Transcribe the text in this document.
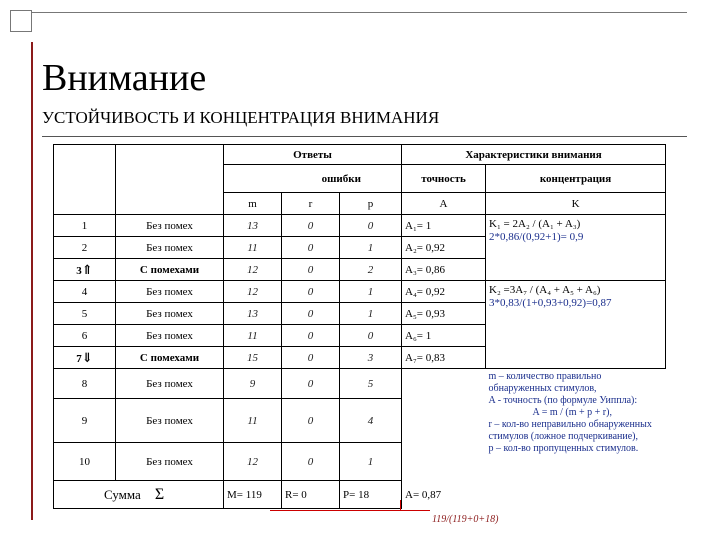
Внимание
УСТОЙЧИВОСТЬ И КОНЦЕНТРАЦИЯ ВНИМАНИЯ
		Ответы			Характеристики внимания	
			ошибки		точность	концентрация
		m	r	p	A	K
1	Без помех	13	0	0	A₁= 1	K₁ = 2A₂ / (A₁ + A₃)
2*0,86/(0,92+1)= 0,9

2	Без помех	11	0	1	A₂= 0,92	
3⇑	С помехами	12	0	2	A₃= 0,86	
4	Без помех	12	0	1	A₄= 0,92	K₂ =3A₇ / (A₄ + A₅ + A₆)
3*0,83/(1+0,93+0,92)=0,87

5	Без помех	13	0	1	A₅= 0,93	
6	Без помех	11	0	0	A₆= 1	
7⇓	С помехами	15	0	3	A₇= 0,83	
8	Без помех	9	0	5		m – количество правильно обнаруженных стимулов,
A - точность (по формуле Уиппла):
A = m / (m + p + r),
r – кол-во неправильно обнаруженных стимулов (ложное подчеркивание),
p – кол-во пропущенных стимулов.

9	Без помех	11	0	4		
10	Без помех	12	0	1		
Сумма Σ		M= 119	R= 0	P= 18	A= 0,87	
119/(119+0+18)
